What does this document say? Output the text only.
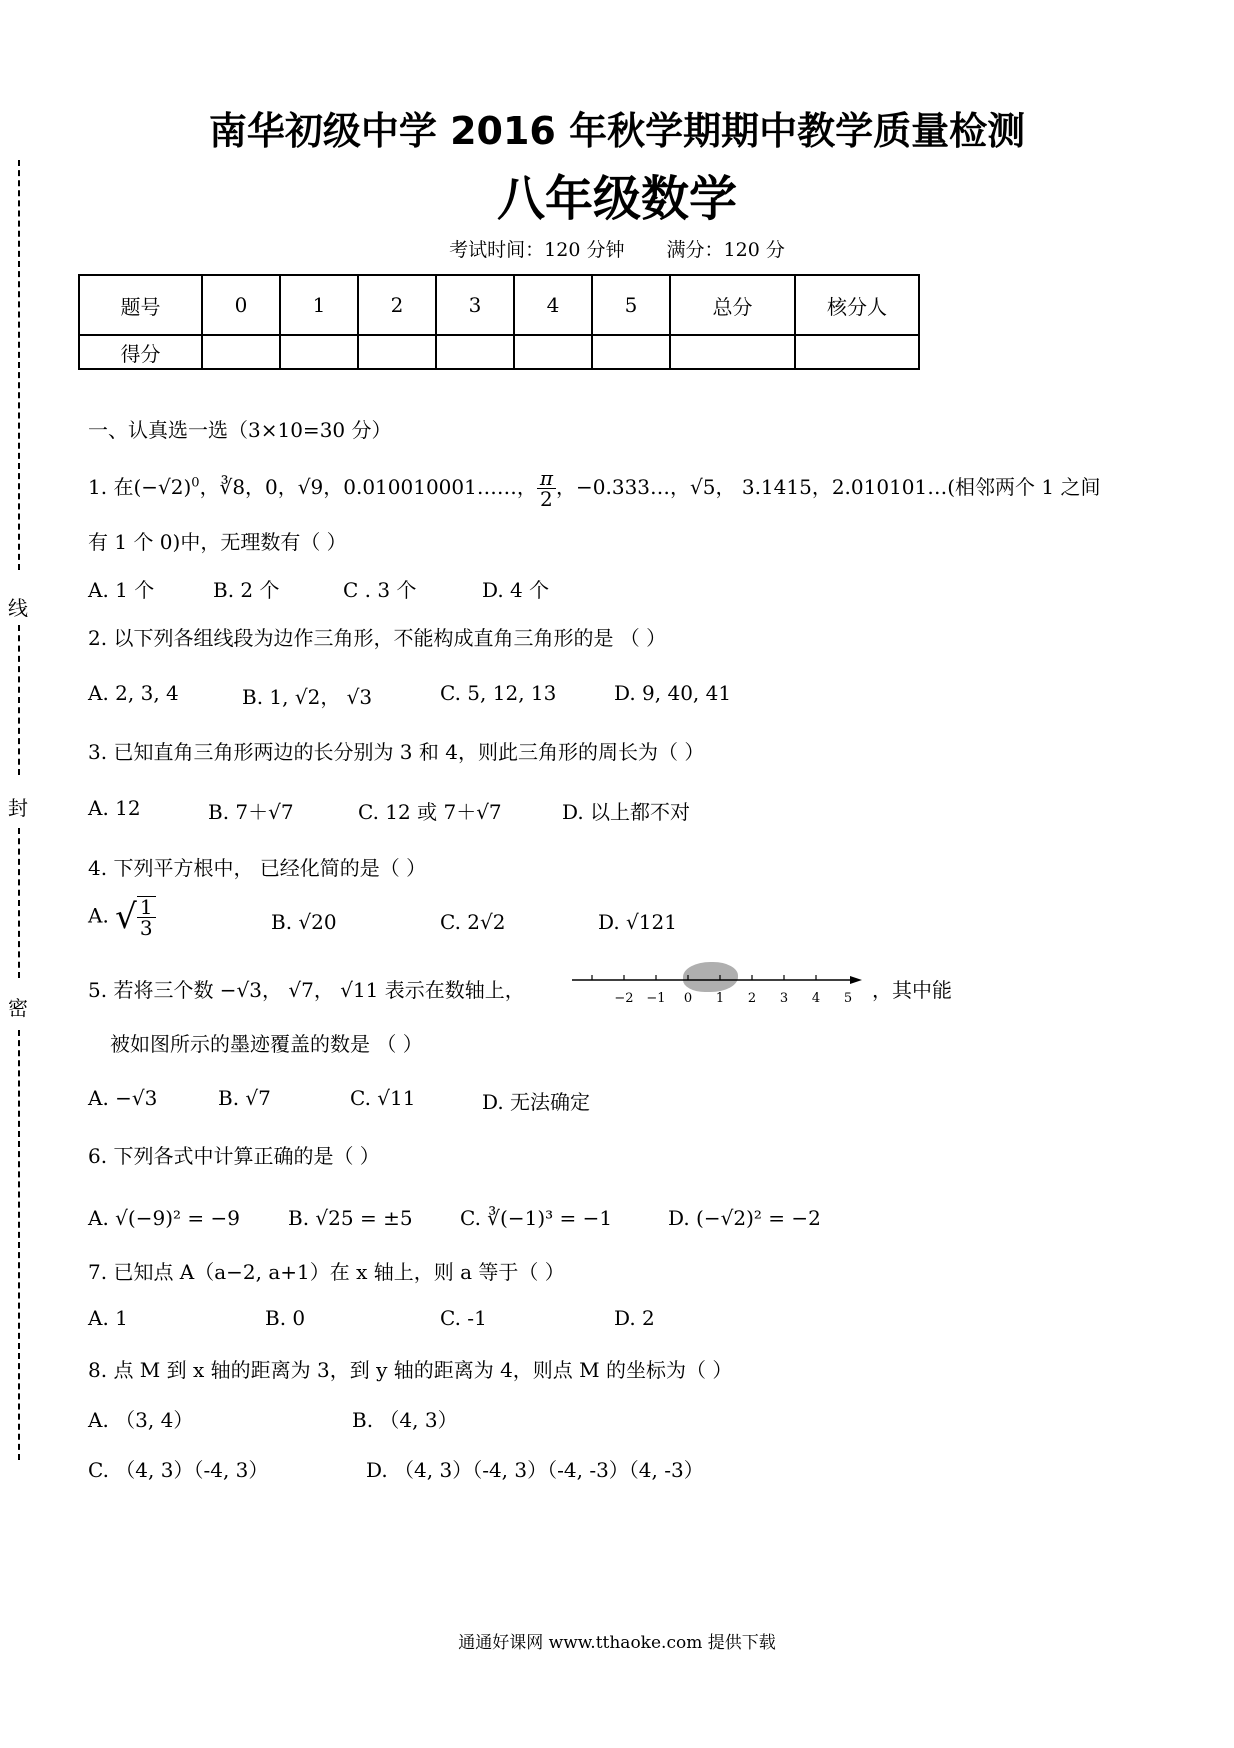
线
封
密
南华初级中学 2016 年秋学期期中教学质量检测
八年级数学
考试时间：120 分钟 满分：120 分
题号	0	1	2	3	4	5	总分	核分人
得分								
一、认真选一选（3×10=30 分）
1. 在$(-√2)^0$，∛8，0，√9，0.010010001……， $\frac{\pi}{2}$ ，−0.333…，√5， 3.1415，2.010101…(相邻两个 1 之间
有 1 个 0)中，无理数有（ ）
A. 1 个	B. 2 个	C . 3 个	D. 4 个
2. 以下列各组线段为边作三角形，不能构成直角三角形的是 （ ）
A. 2, 3, 4	B. 1, √2， √3	C. 5, 12, 13	D. 9, 40, 41
3. 已知直角三角形两边的长分别为 3 和 4，则此三角形的周长为（ ）
A. 12	B. 7＋√7	C. 12 或 7＋√7	D. 以上都不对
4. 下列平方根中， 已经化简的是（ ）
A. √ $\frac{1}{3}$	B. √20	C. 2√2	D. √121
5. 若将三个数 −√3， √7， √11 表示在数轴上，	−2 −1 0 1 2 3 4 5 ，其中能
被如图所示的墨迹覆盖的数是 （ ）
A. −√3	B. √7	C. √11	D. 无法确定
6. 下列各式中计算正确的是（ ）
A. √(−9)² = −9 B. √25 = ±5 C. ∛(−1)³ = −1	D. (−√2)² = −2
7. 已知点 A（a−2, a+1）在 x 轴上，则 a 等于（ ）
A. 1	B. 0	C. -1	D. 2
8. 点 M 到 x 轴的距离为 3，到 y 轴的距离为 4，则点 M 的坐标为（ ）
A. （3, 4）	B. （4, 3）
C. （4, 3）（-4, 3）	D. （4, 3）（-4, 3）（-4, -3）（4, -3）
通通好课网 www.tthaoke.com 提供下载
